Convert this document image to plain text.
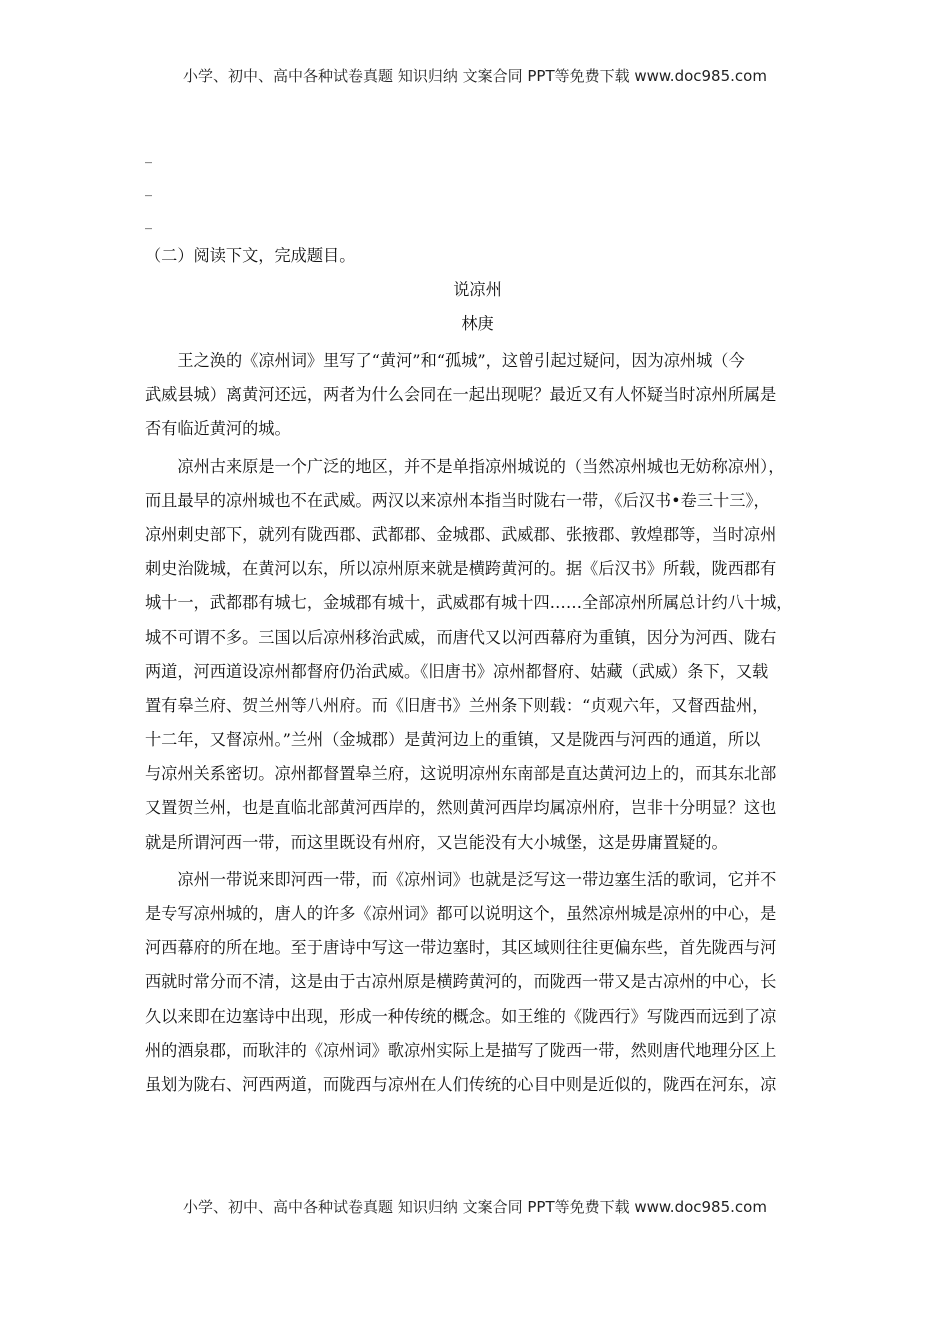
小学、初中、高中各种试卷真题 知识归纳 文案合同 PPT等免费下载 www.doc985.com
_
_
_
（二）阅读下文，完成题目。
说凉州
林庚
王之涣的《凉州词》里写了“黄河”和“孤城”，这曾引起过疑问，因为凉州城（今
武威县城）离黄河还远，两者为什么会同在一起出现呢？最近又有人怀疑当时凉州所属是
否有临近黄河的城。
凉州古来原是一个广泛的地区，并不是单指凉州城说的（当然凉州城也无妨称凉州），
而且最早的凉州城也不在武威。两汉以来凉州本指当时陇右一带，《后汉书•卷三十三》，
凉州刺史部下，就列有陇西郡、武都郡、金城郡、武威郡、张掖郡、敦煌郡等，当时凉州
刺史治陇城，在黄河以东，所以凉州原来就是横跨黄河的。据《后汉书》所载，陇西郡有
城十一，武都郡有城七，金城郡有城十，武威郡有城十四……全部凉州所属总计约八十城，
城不可谓不多。三国以后凉州移治武威，而唐代又以河西幕府为重镇，因分为河西、陇右
两道，河西道设凉州都督府仍治武威。《旧唐书》凉州都督府、姑藏（武威）条下，又载
置有皋兰府、贺兰州等八州府。而《旧唐书》兰州条下则载：“贞观六年，又督西盐州，
十二年，又督凉州。”兰州（金城郡）是黄河边上的重镇，又是陇西与河西的通道，所以
与凉州关系密切。凉州都督置皋兰府，这说明凉州东南部是直达黄河边上的，而其东北部
又置贺兰州，也是直临北部黄河西岸的，然则黄河西岸均属凉州府，岂非十分明显？这也
就是所谓河西一带，而这里既设有州府，又岂能没有大小城堡，这是毋庸置疑的。
凉州一带说来即河西一带，而《凉州词》也就是泛写这一带边塞生活的歌词，它并不
是专写凉州城的，唐人的许多《凉州词》都可以说明这个，虽然凉州城是凉州的中心，是
河西幕府的所在地。至于唐诗中写这一带边塞时，其区域则往往更偏东些，首先陇西与河
西就时常分而不清，这是由于古凉州原是横跨黄河的，而陇西一带又是古凉州的中心，长
久以来即在边塞诗中出现，形成一种传统的概念。如王维的《陇西行》写陇西而远到了凉
州的酒泉郡，而耿沣的《凉州词》歌凉州实际上是描写了陇西一带，然则唐代地理分区上
虽划为陇右、河西两道，而陇西与凉州在人们传统的心目中则是近似的，陇西在河东，凉
小学、初中、高中各种试卷真题 知识归纳 文案合同 PPT等免费下载 www.doc985.com
